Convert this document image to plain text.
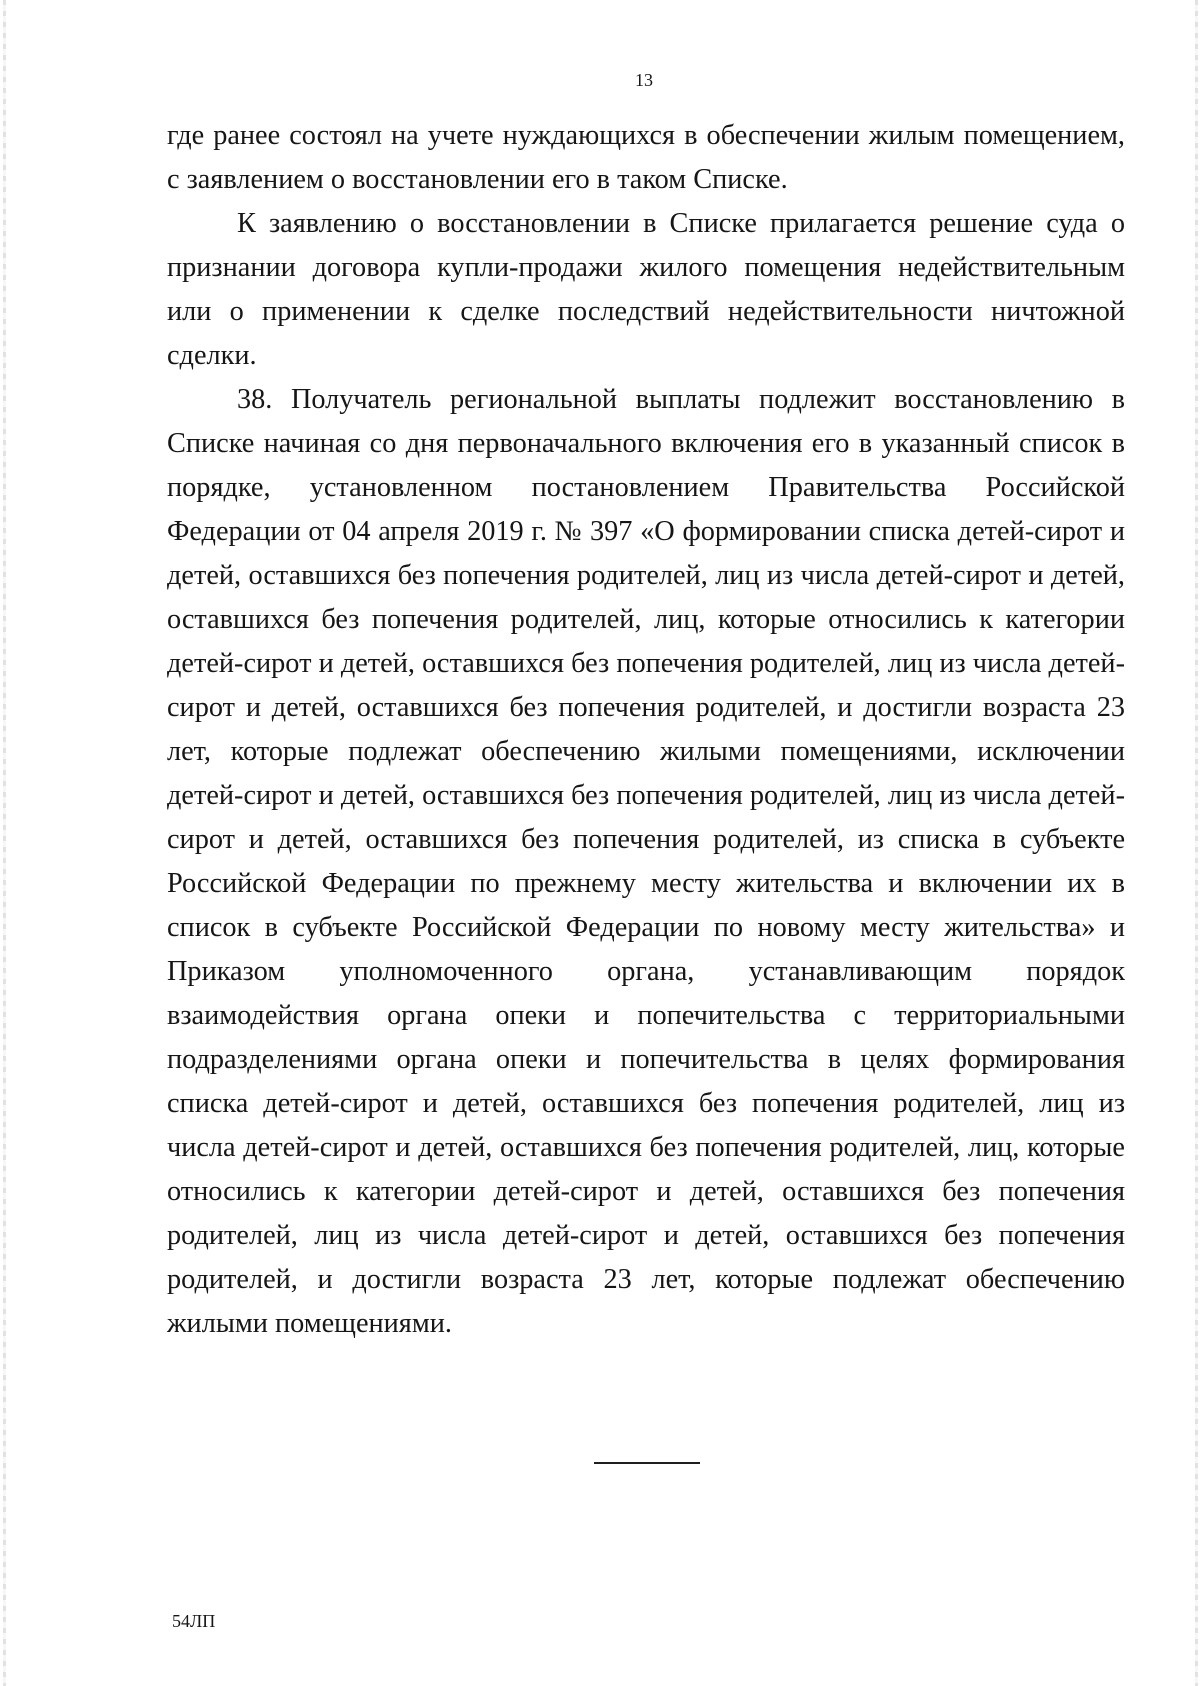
13

где ранее состоял на учете нуждающихся в обеспечении жилым помещением, с заявлением о восстановлении его в таком Списке.

К заявлению о восстановлении в Списке прилагается решение суда о признании договора купли-продажи жилого помещения недействительным или о применении к сделке последствий недействительности ничтожной сделки.

38. Получатель региональной выплаты подлежит восстановлению в Списке начиная со дня первоначального включения его в указанный список в порядке, установленном постановлением Правительства Российской Федерации от 04 апреля 2019 г. № 397 «О формировании списка детей-сирот и детей, оставшихся без попечения родителей, лиц из числа детей-сирот и детей, оставшихся без попечения родителей, лиц, которые относились к категории детей-сирот и детей, оставшихся без попечения родителей, лиц из числа детей-сирот и детей, оставшихся без попечения родителей, и достигли возраста 23 лет, которые подлежат обеспечению жилыми помещениями, исключении детей-сирот и детей, оставшихся без попечения родителей, лиц из числа детей-сирот и детей, оставшихся без попечения родителей, из списка в субъекте Российской Федерации по прежнему месту жительства и включении их в список в субъекте Российской Федерации по новому месту жительства» и Приказом уполномоченного органа, устанавливающим порядок взаимодействия органа опеки и попечительства с территориальными подразделениями органа опеки и попечительства в целях формирования списка детей-сирот и детей, оставшихся без попечения родителей, лиц из числа детей-сирот и детей, оставшихся без попечения родителей, лиц, которые относились к категории детей-сирот и детей, оставшихся без попечения родителей, лиц из числа детей-сирот и детей, оставшихся без попечения родителей, и достигли возраста 23 лет, которые подлежат обеспечению жилыми помещениями.

54ЛП
